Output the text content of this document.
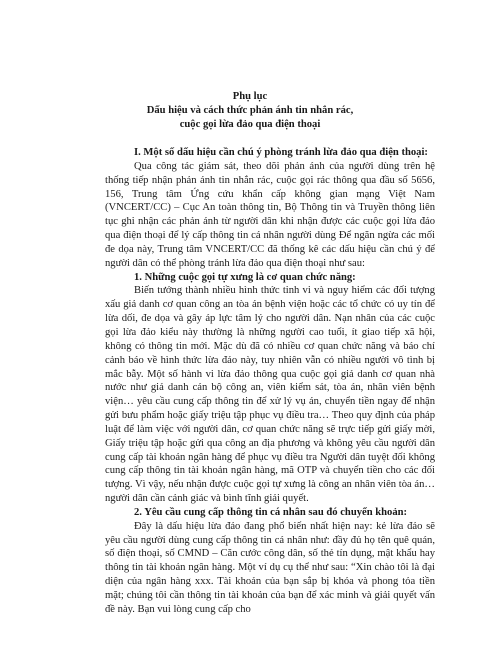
Phụ lục
Dấu hiệu và cách thức phản ánh tin nhắn rác,
cuộc gọi lừa đảo qua điện thoại
I. Một số dấu hiệu cần chú ý phòng tránh lừa đảo qua điện thoại:

Qua công tác giám sát, theo dõi phản ánh của người dùng trên hệ thống tiếp nhận phản ánh tin nhắn rác, cuộc gọi rác thông qua đầu số 5656, 156, Trung tâm Ứng cứu khẩn cấp không gian mạng Việt Nam (VNCERT/CC) – Cục An toàn thông tin, Bộ Thông tin và Truyền thông liên tục ghi nhận các phản ánh từ người dân khi nhận được các cuộc gọi lừa đảo qua điện thoại để lý cấp thông tin cá nhân người dùng Để ngăn ngừa các mối đe dọa này, Trung tâm VNCERT/CC đã thống kê các dấu hiệu cần chú ý để người dân có thể phòng tránh lừa đảo qua điện thoại như sau:

1. Những cuộc gọi tự xưng là cơ quan chức năng:

Biến tướng thành nhiều hình thức tinh vi và nguy hiểm các đối tượng xấu giả danh cơ quan công an tòa án bệnh viện hoặc các tổ chức có uy tín để lừa dối, đe dọa và gây áp lực tâm lý cho người dân. Nạn nhân của các cuộc gọi lừa đảo kiểu này thường là những người cao tuổi, ít giao tiếp xã hội, không có thông tin mới. Mặc dù đã có nhiều cơ quan chức năng và báo chí cảnh báo về hình thức lừa đảo này, tuy nhiên vẫn có nhiều người vô tình bị mắc bẫy. Một số hành vi lừa đảo thông qua cuộc gọi giả danh cơ quan nhà nước như giả danh cán bộ công an, viên kiểm sát, tòa án, nhân viên bệnh viện… yêu cầu cung cấp thông tin để xử lý vụ án, chuyển tiền ngay để nhận gửi bưu phẩm hoặc giấy triệu tập phục vụ điều tra… Theo quy định của pháp luật để làm việc với người dân, cơ quan chức năng sẽ trực tiếp gửi giấy mời, Giấy triệu tập hoặc gửi qua công an địa phương và không yêu cầu người dân cung cấp tài khoản ngân hàng để phục vụ điều tra Người dân tuyệt đối không cung cấp thông tin tài khoản ngân hàng, mã OTP và chuyển tiền cho các đối tượng. Vì vậy, nếu nhận được cuộc gọi tự xưng là công an nhân viên tòa án… người dân cần cảnh giác và bình tĩnh giải quyết.

2. Yêu cầu cung cấp thông tin cá nhân sau đó chuyển khoản:

Đây là dấu hiệu lừa đảo đang phổ biến nhất hiện nay: kẻ lừa đảo sẽ yêu cầu người dùng cung cấp thông tin cá nhân như: đầy đủ họ tên quê quán, số điện thoại, số CMND – Căn cước công dân, số thẻ tín dụng, mật khẩu hay thông tin tài khoản ngân hàng. Một ví dụ cụ thể như sau: “Xin chào tôi là đại diện của ngân hàng xxx. Tài khoản của bạn sắp bị khóa và phong tỏa tiền mặt; chúng tôi cần thông tin tài khoản của bạn để xác minh và giải quyết vấn đề này. Bạn vui lòng cung cấp cho
